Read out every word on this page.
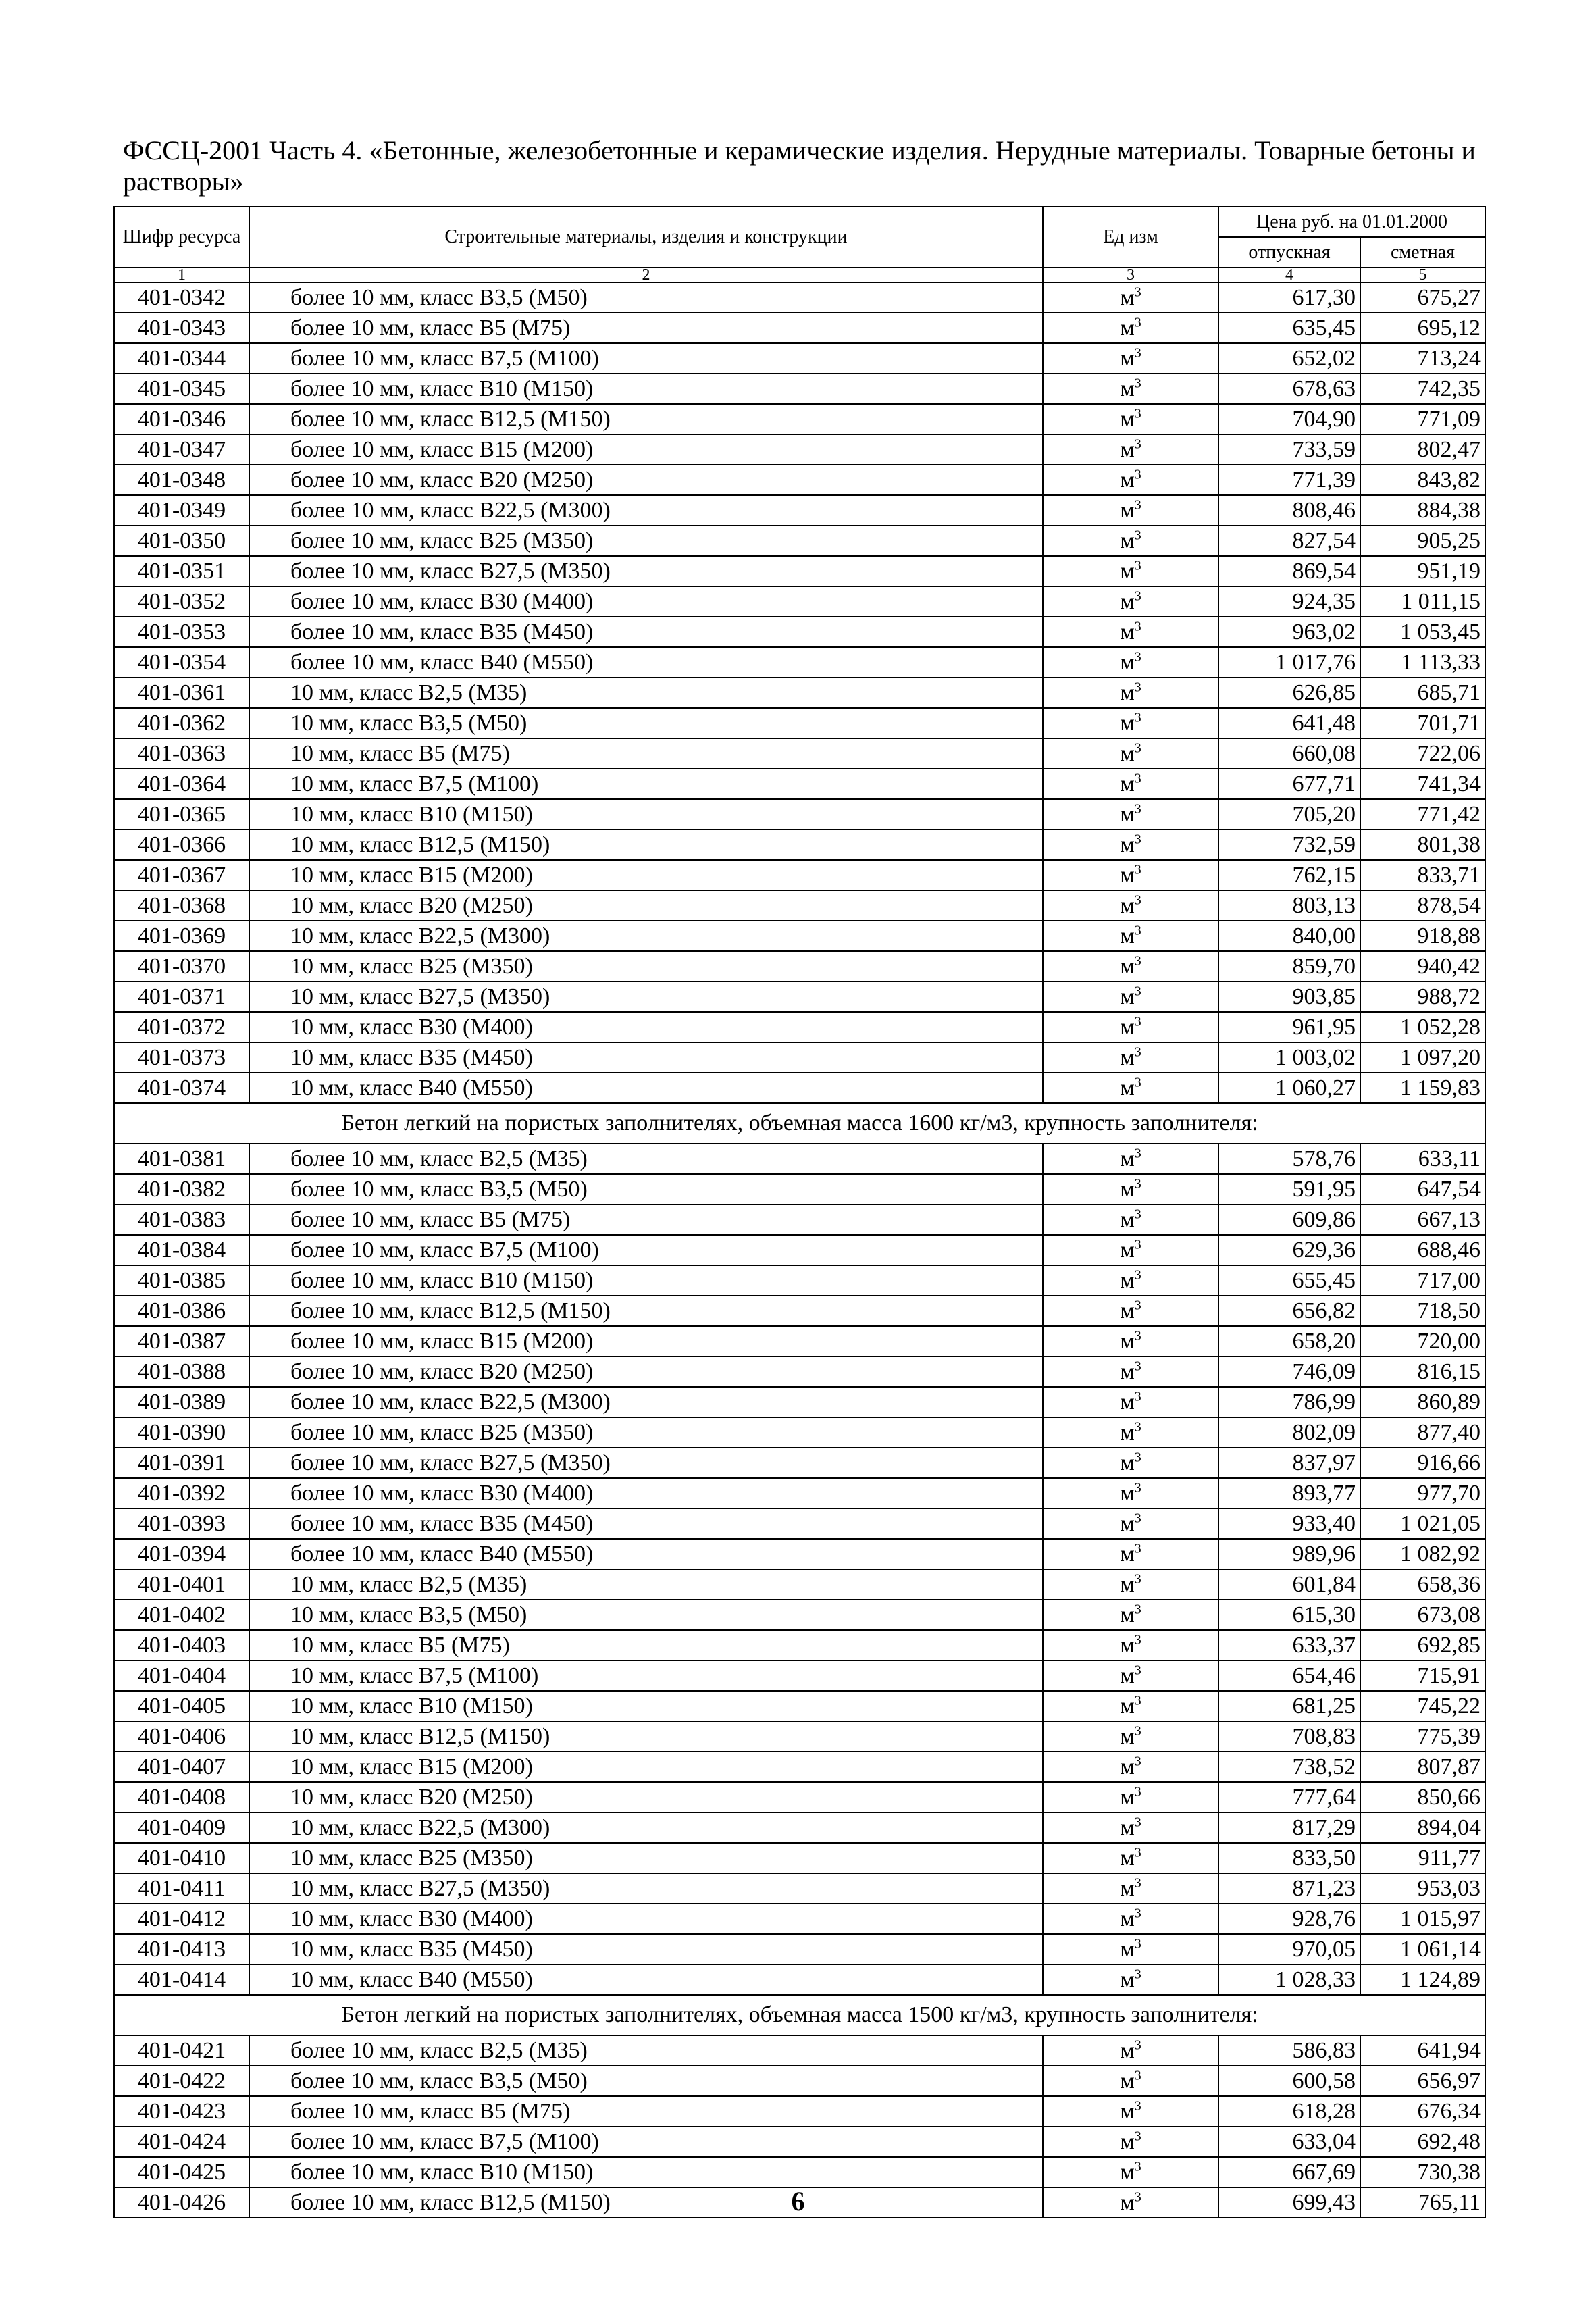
ФССЦ-2001 Часть 4. «Бетонные, железобетонные и керамические изделия. Нерудные материалы. Товарные бетоны и растворы»
Шифр ресурса	Строительные материалы, изделия и конструкции	Ед изм	Цена руб. на 01.01.2000	
			отпускная	сметная
1	2	3	4	5
401-0342	более 10 мм, класс В3,5 (М50)	$м^3$	617,30	675,27
401-0343	более 10 мм, класс В5 (М75)	$м^3$	635,45	695,12
401-0344	более 10 мм, класс В7,5 (М100)	$м^3$	652,02	713,24
401-0345	более 10 мм, класс В10 (М150)	$м^3$	678,63	742,35
401-0346	более 10 мм, класс В12,5 (М150)	$м^3$	704,90	771,09
401-0347	более 10 мм, класс В15 (М200)	$м^3$	733,59	802,47
401-0348	более 10 мм, класс В20 (М250)	$м^3$	771,39	843,82
401-0349	более 10 мм, класс В22,5 (М300)	$м^3$	808,46	884,38
401-0350	более 10 мм, класс В25 (М350)	$м^3$	827,54	905,25
401-0351	более 10 мм, класс В27,5 (М350)	$м^3$	869,54	951,19
401-0352	более 10 мм, класс В30 (М400)	$м^3$	924,35	1 011,15
401-0353	более 10 мм, класс В35 (М450)	$м^3$	963,02	1 053,45
401-0354	более 10 мм, класс В40 (М550)	$м^3$	1 017,76	1 113,33
401-0361	10 мм, класс В2,5 (М35)	$м^3$	626,85	685,71
401-0362	10 мм, класс В3,5 (М50)	$м^3$	641,48	701,71
401-0363	10 мм, класс В5 (М75)	$м^3$	660,08	722,06
401-0364	10 мм, класс В7,5 (М100)	$м^3$	677,71	741,34
401-0365	10 мм, класс В10 (М150)	$м^3$	705,20	771,42
401-0366	10 мм, класс В12,5 (М150)	$м^3$	732,59	801,38
401-0367	10 мм, класс В15 (М200)	$м^3$	762,15	833,71
401-0368	10 мм, класс В20 (М250)	$м^3$	803,13	878,54
401-0369	10 мм, класс В22,5 (М300)	$м^3$	840,00	918,88
401-0370	10 мм, класс В25 (М350)	$м^3$	859,70	940,42
401-0371	10 мм, класс В27,5 (М350)	$м^3$	903,85	988,72
401-0372	10 мм, класс В30 (М400)	$м^3$	961,95	1 052,28
401-0373	10 мм, класс В35 (М450)	$м^3$	1 003,02	1 097,20
401-0374	10 мм, класс В40 (М550)	$м^3$	1 060,27	1 159,83
Бетон легкий на пористых заполнителях, объемная масса 1600 кг/м3, крупность заполнителя:				
401-0381	более 10 мм, класс В2,5 (М35)	$м^3$	578,76	633,11
401-0382	более 10 мм, класс В3,5 (М50)	$м^3$	591,95	647,54
401-0383	более 10 мм, класс В5 (М75)	$м^3$	609,86	667,13
401-0384	более 10 мм, класс В7,5 (М100)	$м^3$	629,36	688,46
401-0385	более 10 мм, класс В10 (М150)	$м^3$	655,45	717,00
401-0386	более 10 мм, класс В12,5 (М150)	$м^3$	656,82	718,50
401-0387	более 10 мм, класс В15 (М200)	$м^3$	658,20	720,00
401-0388	более 10 мм, класс В20 (М250)	$м^3$	746,09	816,15
401-0389	более 10 мм, класс В22,5 (М300)	$м^3$	786,99	860,89
401-0390	более 10 мм, класс В25 (М350)	$м^3$	802,09	877,40
401-0391	более 10 мм, класс В27,5 (М350)	$м^3$	837,97	916,66
401-0392	более 10 мм, класс В30 (М400)	$м^3$	893,77	977,70
401-0393	более 10 мм, класс В35 (М450)	$м^3$	933,40	1 021,05
401-0394	более 10 мм, класс В40 (М550)	$м^3$	989,96	1 082,92
401-0401	10 мм, класс В2,5 (М35)	$м^3$	601,84	658,36
401-0402	10 мм, класс В3,5 (М50)	$м^3$	615,30	673,08
401-0403	10 мм, класс В5 (М75)	$м^3$	633,37	692,85
401-0404	10 мм, класс В7,5 (М100)	$м^3$	654,46	715,91
401-0405	10 мм, класс В10 (М150)	$м^3$	681,25	745,22
401-0406	10 мм, класс В12,5 (М150)	$м^3$	708,83	775,39
401-0407	10 мм, класс В15 (М200)	$м^3$	738,52	807,87
401-0408	10 мм, класс В20 (М250)	$м^3$	777,64	850,66
401-0409	10 мм, класс В22,5 (М300)	$м^3$	817,29	894,04
401-0410	10 мм, класс В25 (М350)	$м^3$	833,50	911,77
401-0411	10 мм, класс В27,5 (М350)	$м^3$	871,23	953,03
401-0412	10 мм, класс В30 (М400)	$м^3$	928,76	1 015,97
401-0413	10 мм, класс В35 (М450)	$м^3$	970,05	1 061,14
401-0414	10 мм, класс В40 (М550)	$м^3$	1 028,33	1 124,89
Бетон легкий на пористых заполнителях, объемная масса 1500 кг/м3, крупность заполнителя:				
401-0421	более 10 мм, класс В2,5 (М35)	$м^3$	586,83	641,94
401-0422	более 10 мм, класс В3,5 (М50)	$м^3$	600,58	656,97
401-0423	более 10 мм, класс В5 (М75)	$м^3$	618,28	676,34
401-0424	более 10 мм, класс В7,5 (М100)	$м^3$	633,04	692,48
401-0425	более 10 мм, класс В10 (М150)	$м^3$	667,69	730,38
401-0426	более 10 мм, класс В12,5 (М150)	$м^3$	699,43	765,11
6
